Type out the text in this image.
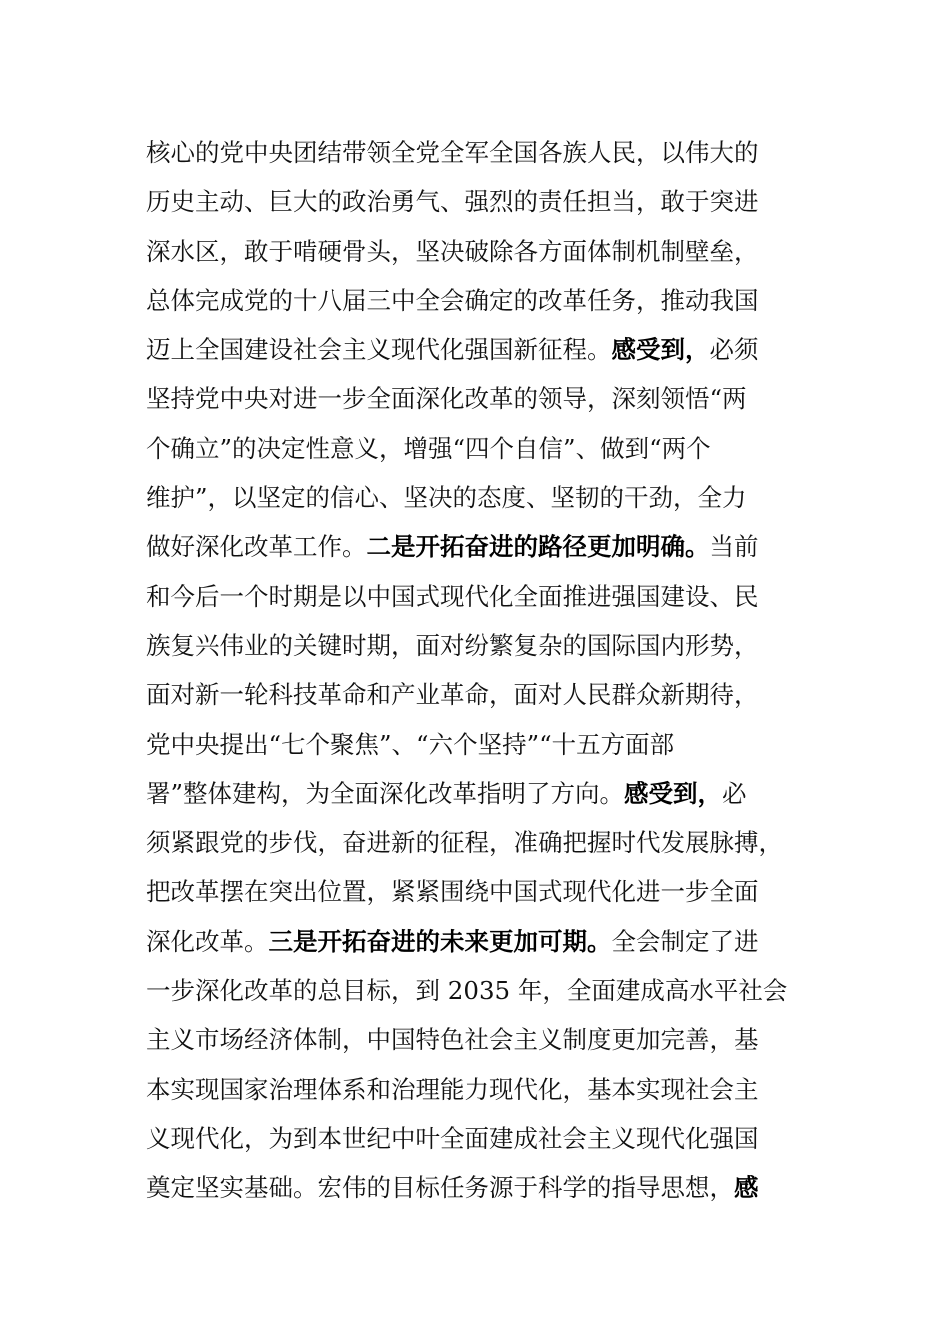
核心的党中央团结带领全党全军全国各族人民，以伟大的
历史主动、巨大的政治勇气、强烈的责任担当，敢于突进
深水区，敢于啃硬骨头，坚决破除各方面体制机制壁垒，
总体完成党的十八届三中全会确定的改革任务，推动我国
迈上全国建设社会主义现代化强国新征程。感受到，必须
坚持党中央对进一步全面深化改革的领导，深刻领悟“两
个确立”的决定性意义，增强“四个自信”、做到“两个
维护”，以坚定的信心、坚决的态度、坚韧的干劲，全力
做好深化改革工作。二是开拓奋进的路径更加明确。当前
和今后一个时期是以中国式现代化全面推进强国建设、民
族复兴伟业的关键时期，面对纷繁复杂的国际国内形势，
面对新一轮科技革命和产业革命，面对人民群众新期待，
党中央提出“七个聚焦”、“六个坚持”“十五方面部
署”整体建构，为全面深化改革指明了方向。感受到，必
须紧跟党的步伐，奋进新的征程，准确把握时代发展脉搏，
把改革摆在突出位置，紧紧围绕中国式现代化进一步全面
深化改革。三是开拓奋进的未来更加可期。全会制定了进
一步深化改革的总目标，到 2035 年，全面建成高水平社会
主义市场经济体制，中国特色社会主义制度更加完善，基
本实现国家治理体系和治理能力现代化，基本实现社会主
义现代化，为到本世纪中叶全面建成社会主义现代化强国
奠定坚实基础。宏伟的目标任务源于科学的指导思想，感
